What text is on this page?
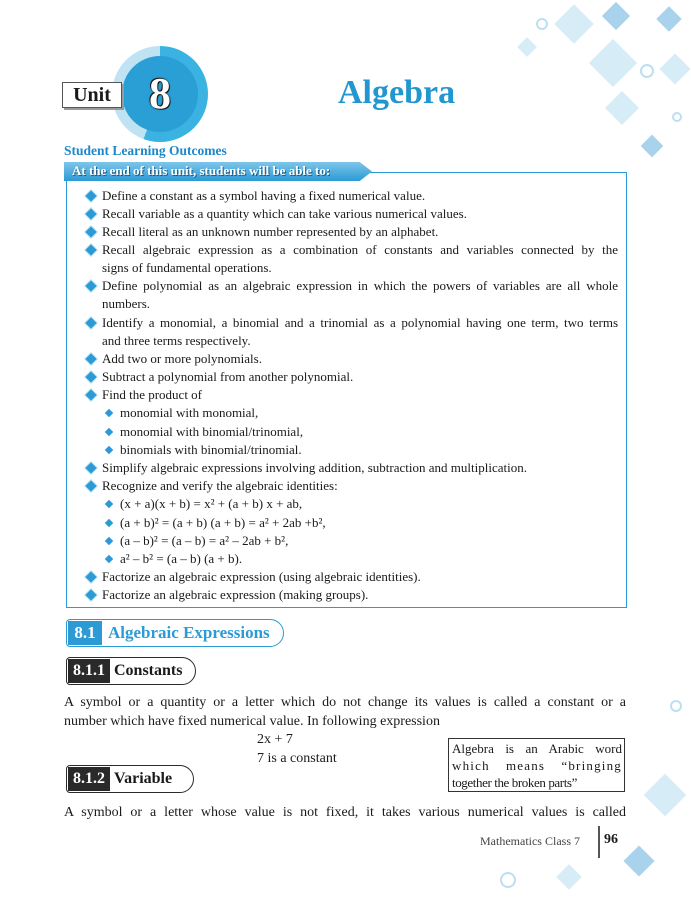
8
Unit	Algebra
Student Learning Outcomes
At the end of this unit, students will be able to:
Define a constant as a symbol having a fixed numerical value.
Recall variable as a quantity which can take various numerical values.
Recall literal as an unknown number represented by an alphabet.
Recall algebraic expression as a combination of constants and variables connected by the
signs of fundamental operations.
Define polynomial as an algebraic expression in which the powers of variables are all whole
numbers.
Identify a monomial, a binomial and a trinomial as a polynomial having one term, two terms
and three terms respectively.
Add two or more polynomials.
Subtract a polynomial from another polynomial.
Find the product of
monomial with monomial,
monomial with binomial/trinomial,
binomials with binomial/trinomial.
Simplify algebraic expressions involving addition, subtraction and multiplication.
Recognize and verify the algebraic identities:
(x + a)(x + b) = x² + (a + b) x + ab,
(a + b)² = (a + b) (a + b) = a² + 2ab +b²,
(a – b)² = (a – b) = a² – 2ab + b²,
a² – b² = (a – b) (a + b).
Factorize an algebraic expression (using algebraic identities).
Factorize an algebraic expression (making groups).
8.1 Algebraic Expressions
8.1.1 Constants
A symbol or a quantity or a letter which do not change its values is called a constant or a
number which have fixed numerical value. In following expression
2x + 7
7 is a constant
Algebra is an Arabic word
which means “bringing
together the broken parts”
8.1.2 Variable
A symbol or a letter whose value is not fixed, it takes various numerical values is called
Mathematics Class 7 96
